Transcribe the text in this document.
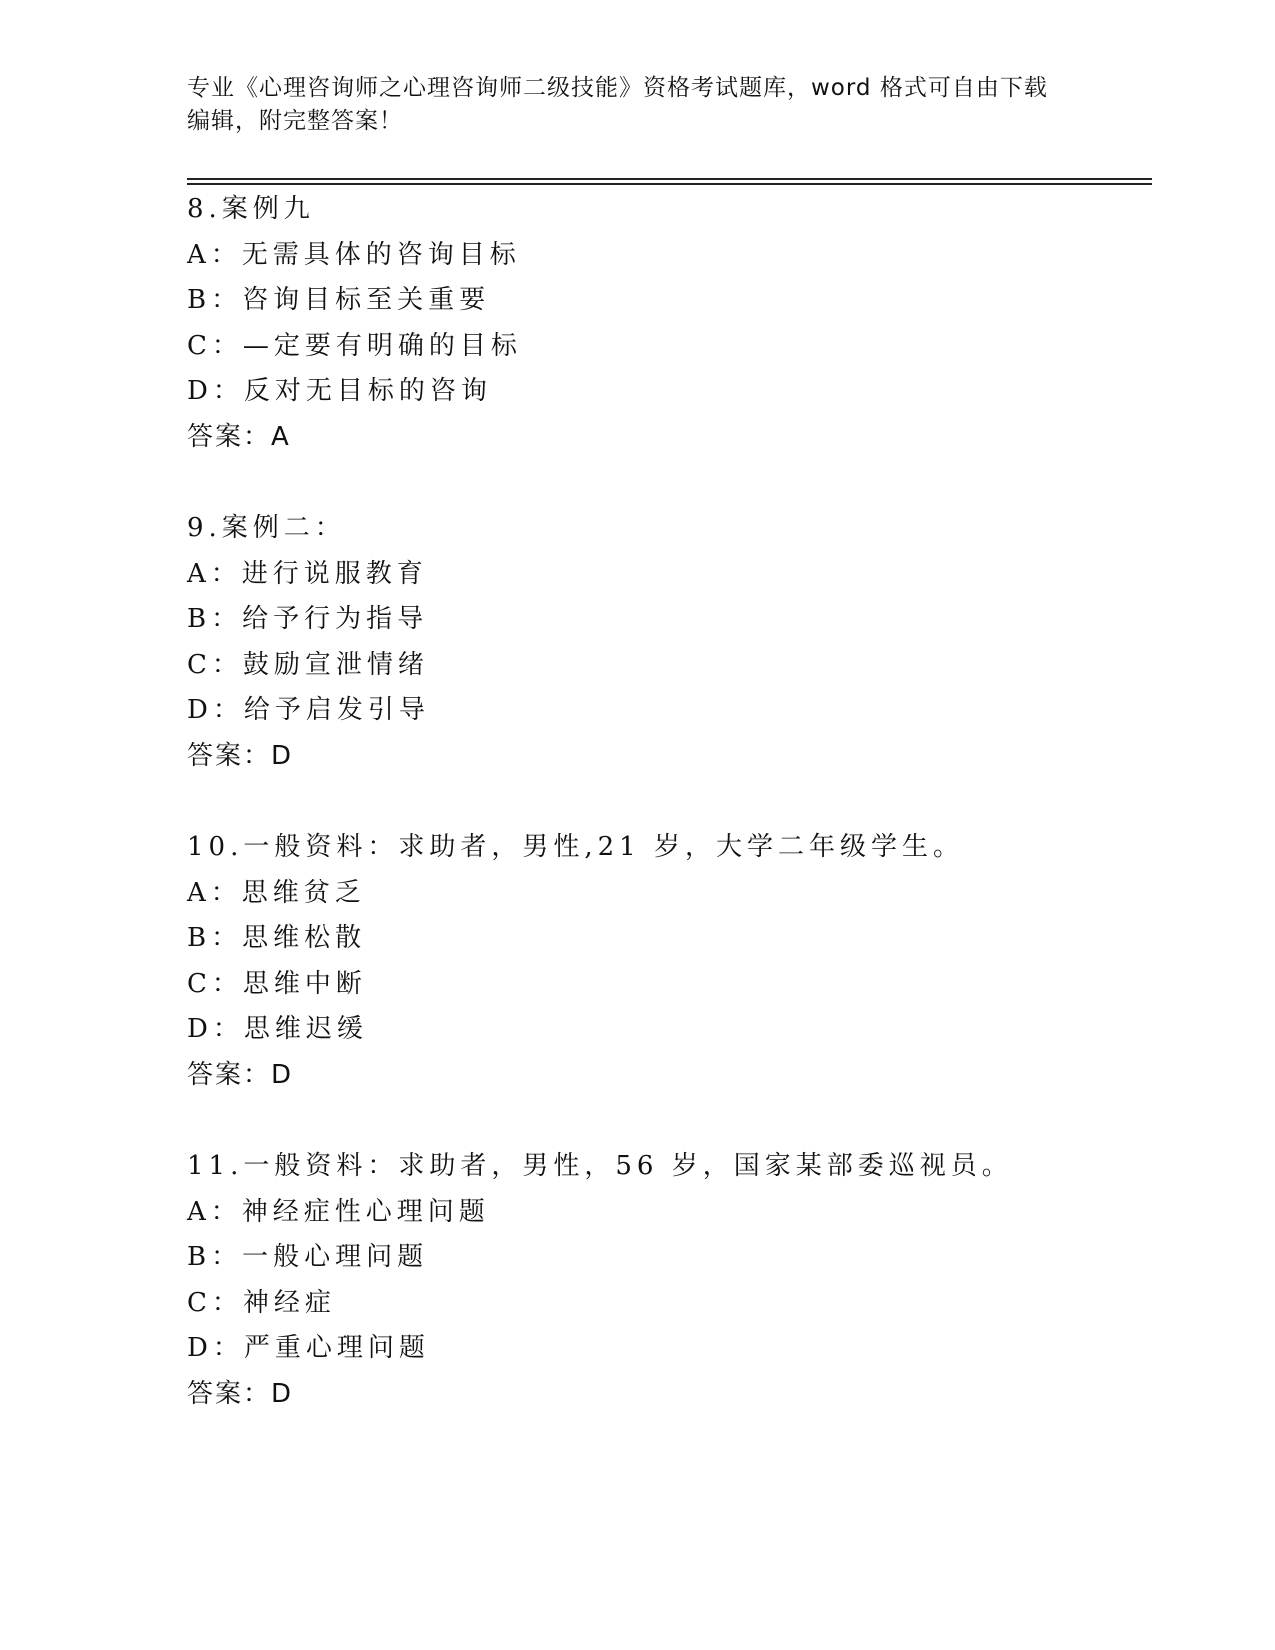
专业《心理咨询师之心理咨询师二级技能》资格考试题库，word 格式可自由下载
编辑，附完整答案！
8.案例九
A：无需具体的咨询目标
B：咨询目标至关重要
C：—定要有明确的目标
D：反对无目标的咨询
答案：A
9.案例二：
A：进行说服教育
B：给予行为指导
C：鼓励宣泄情绪
D：给予启发引导
答案：D
10.一般资料：求助者，男性,21 岁，大学二年级学生。
A：思维贫乏
B：思维松散
C：思维中断
D：思维迟缓
答案：D
11.一般资料：求助者，男性，56 岁，国家某部委巡视员。
A：神经症性心理问题
B：一般心理问题
C：神经症
D：严重心理问题
答案：D
